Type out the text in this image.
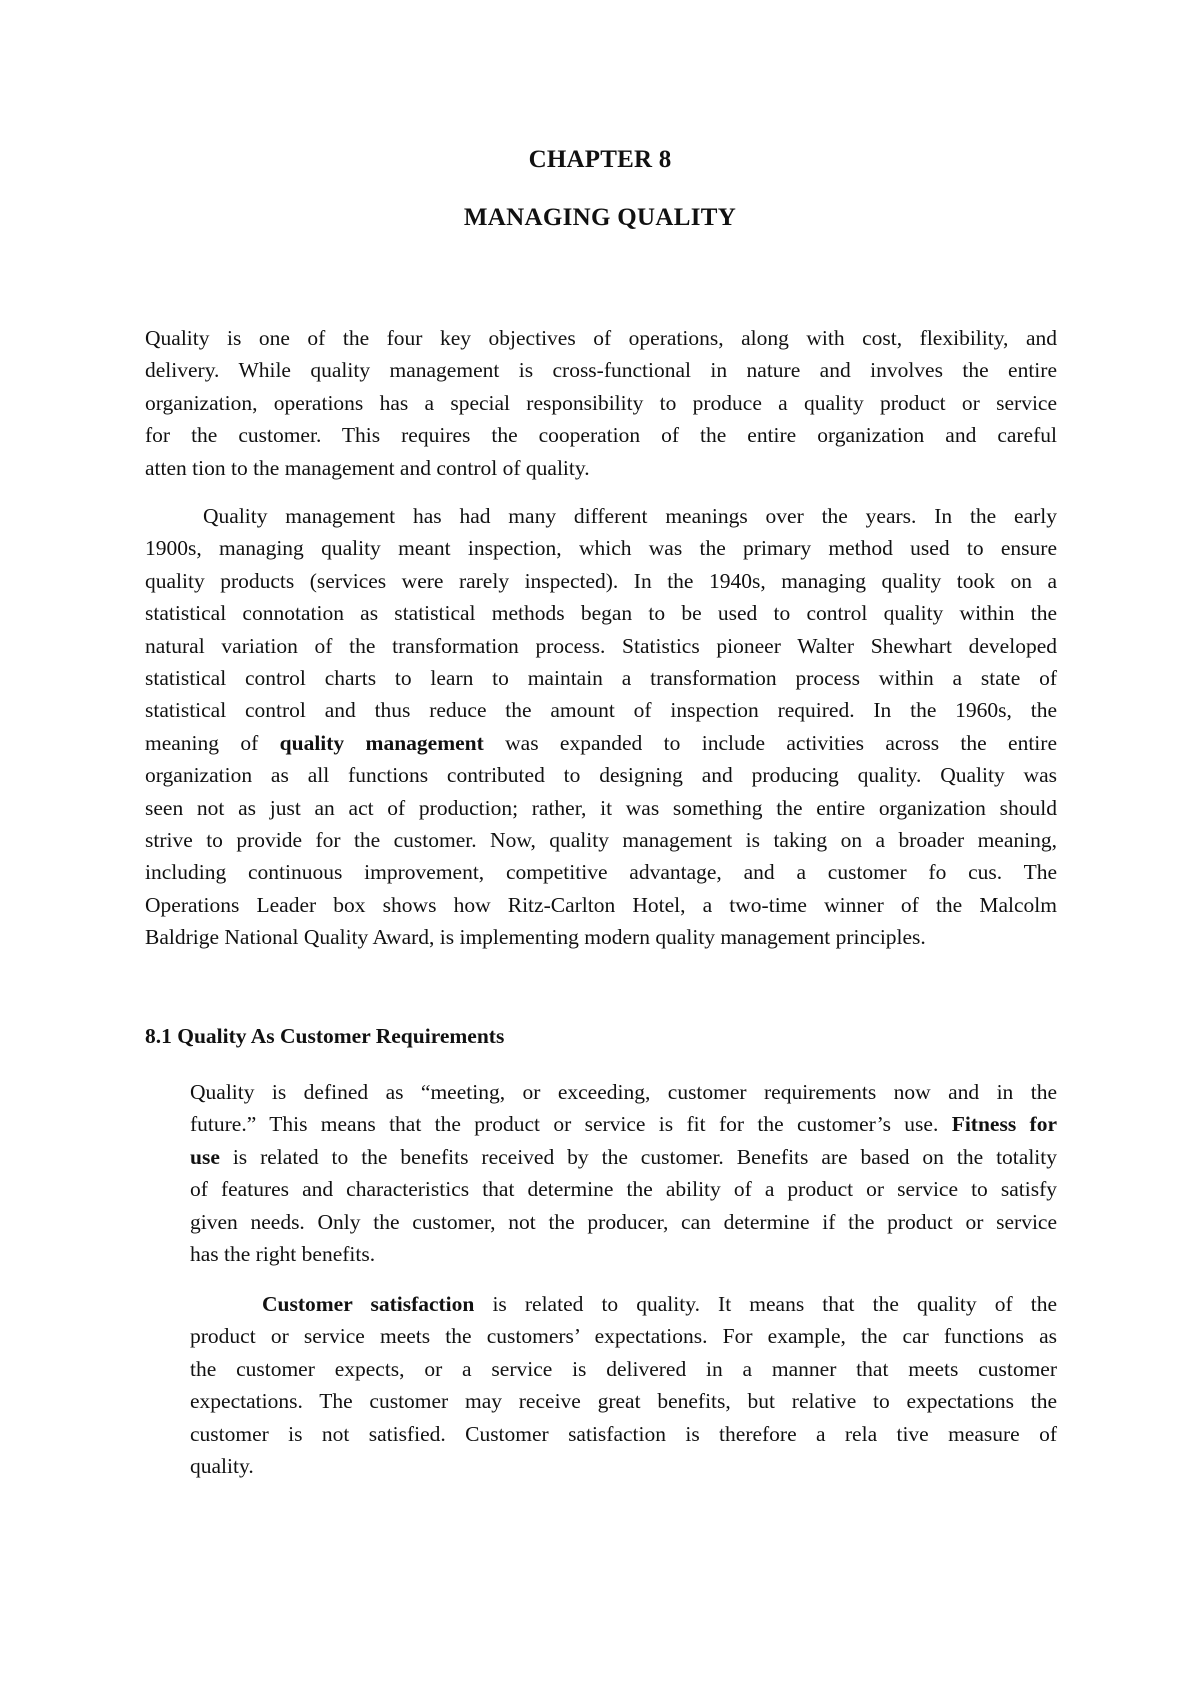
CHAPTER 8
MANAGING QUALITY
Quality is one of the four key objectives of operations, along with cost, flexibility, and
delivery. While quality management is cross-functional in nature and involves the entire
organization, operations has a special responsibility to produce a quality product or service
for the customer. This requires the cooperation of the entire organization and careful
atten tion to the management and control of quality.
Quality management has had many different meanings over the years. In the early
1900s, managing quality meant inspection, which was the primary method used to ensure
quality products (services were rarely inspected). In the 1940s, managing quality took on a
statistical connotation as statistical methods began to be used to control quality within the
natural variation of the transformation process. Statistics pioneer Walter Shewhart developed
statistical control charts to learn to maintain a transformation process within a state of
statistical control and thus reduce the amount of inspection required. In the 1960s, the
meaning of quality management was expanded to include activities across the entire
organization as all functions contributed to designing and producing quality. Quality was
seen not as just an act of production; rather, it was something the entire organization should
strive to provide for the customer. Now, quality management is taking on a broader meaning,
including continuous improvement, competitive advantage, and a customer fo cus. The
Operations Leader box shows how Ritz-Carlton Hotel, a two-time winner of the Malcolm
Baldrige National Quality Award, is implementing modern quality management principles.
8.1 Quality As Customer Requirements
Quality is defined as “meeting, or exceeding, customer requirements now and in the
future.” This means that the product or service is fit for the customer’s use. Fitness for
use is related to the benefits received by the customer. Benefits are based on the totality
of features and characteristics that determine the ability of a product or service to satisfy
given needs. Only the customer, not the producer, can determine if the product or service
has the right benefits.
Customer satisfaction is related to quality. It means that the quality of the
product or service meets the customers’ expectations. For example, the car functions as
the customer expects, or a service is delivered in a manner that meets customer
expectations. The customer may receive great benefits, but relative to expectations the
customer is not satisfied. Customer satisfaction is therefore a rela tive measure of
quality.
